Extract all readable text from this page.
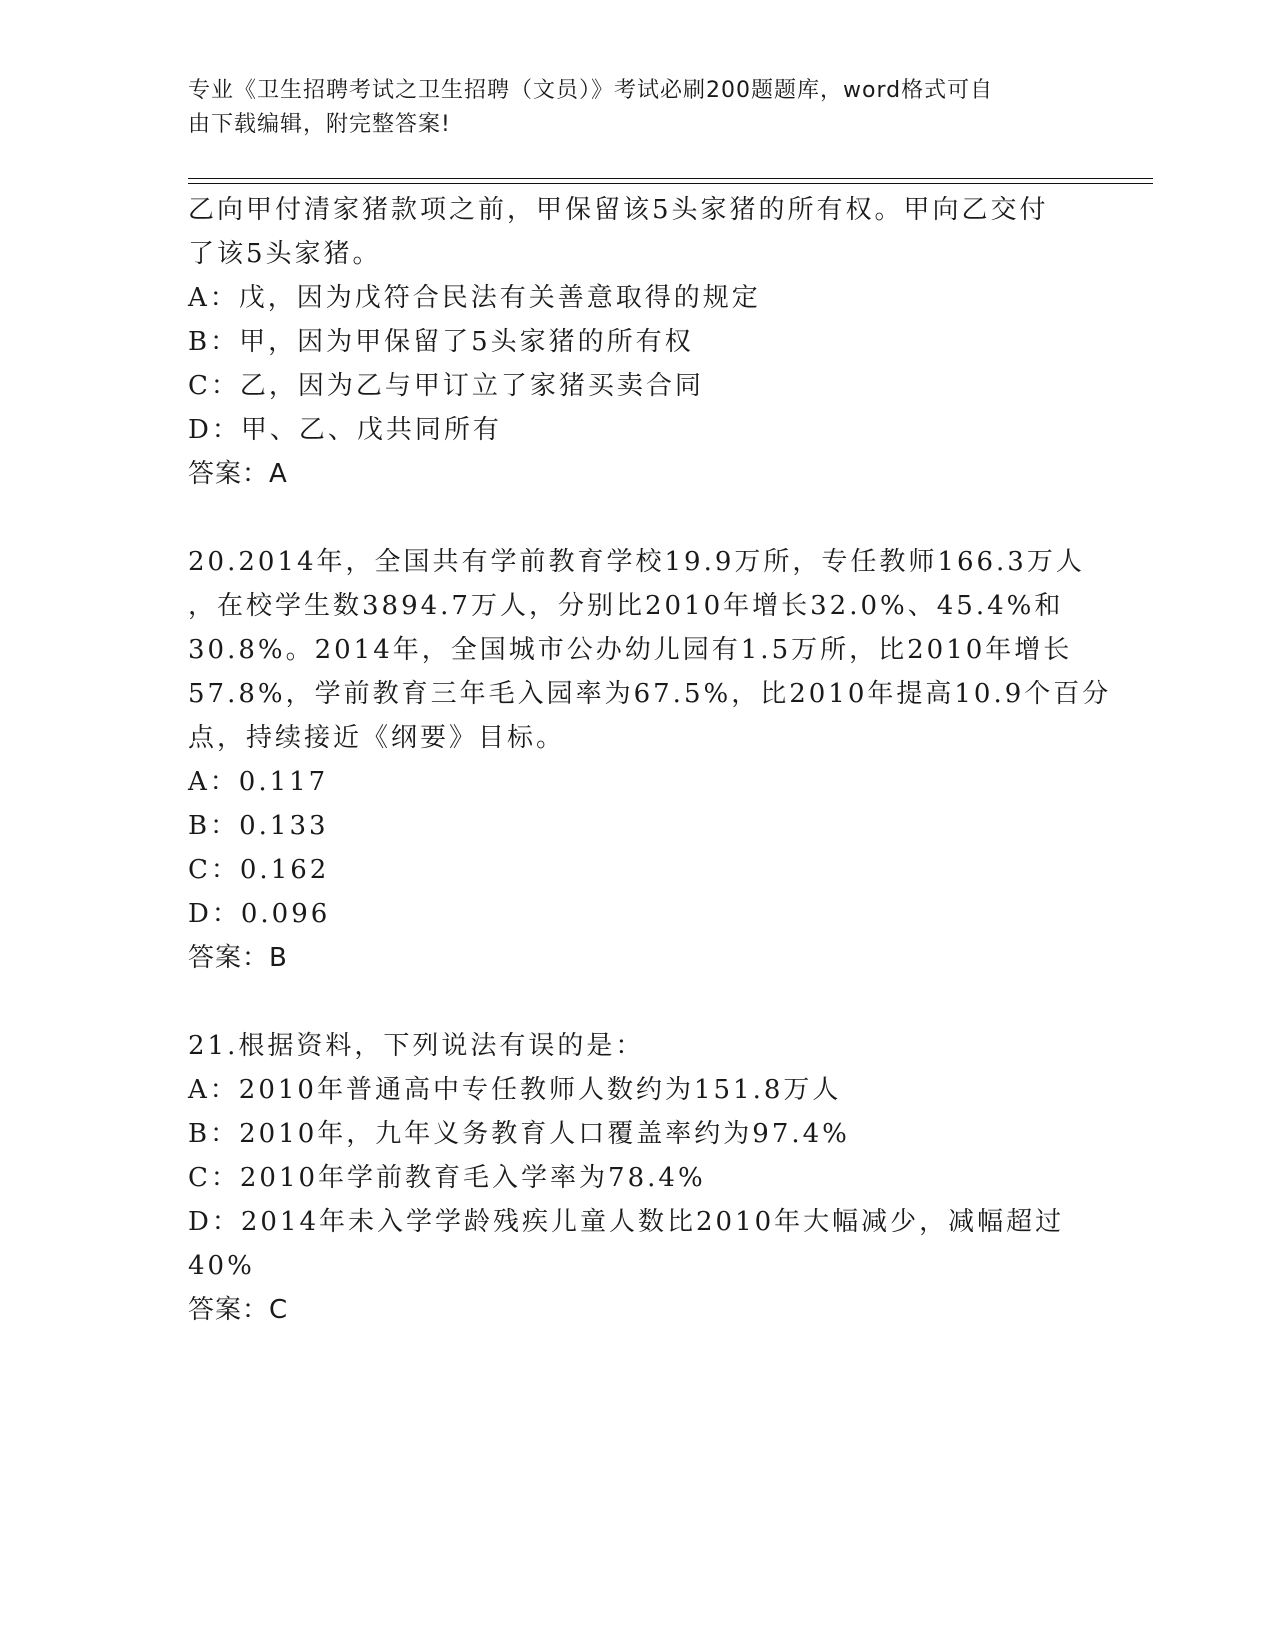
专业《卫生招聘考试之卫生招聘（文员）》考试必刷200题题库，word格式可自
由下载编辑，附完整答案!
乙向甲付清家猪款项之前，甲保留该5头家猪的所有权。甲向乙交付
了该5头家猪。
A：戊，因为戊符合民法有关善意取得的规定
B：甲，因为甲保留了5头家猪的所有权
C：乙，因为乙与甲订立了家猪买卖合同
D：甲、乙、戊共同所有
答案：A
20.2014年，全国共有学前教育学校19.9万所，专任教师166.3万人
，在校学生数3894.7万人，分别比2010年增长32.0%、45.4%和
30.8%。2014年，全国城市公办幼儿园有1.5万所，比2010年增长
57.8%，学前教育三年毛入园率为67.5%，比2010年提高10.9个百分
点，持续接近《纲要》目标。
A：0.117
B：0.133
C：0.162
D：0.096
答案：B
21.根据资料，下列说法有误的是：
A：2010年普通高中专任教师人数约为151.8万人
B：2010年，九年义务教育人口覆盖率约为97.4%
C：2010年学前教育毛入学率为78.4%
D：2014年未入学学龄残疾儿童人数比2010年大幅减少，减幅超过
40%
答案：C
